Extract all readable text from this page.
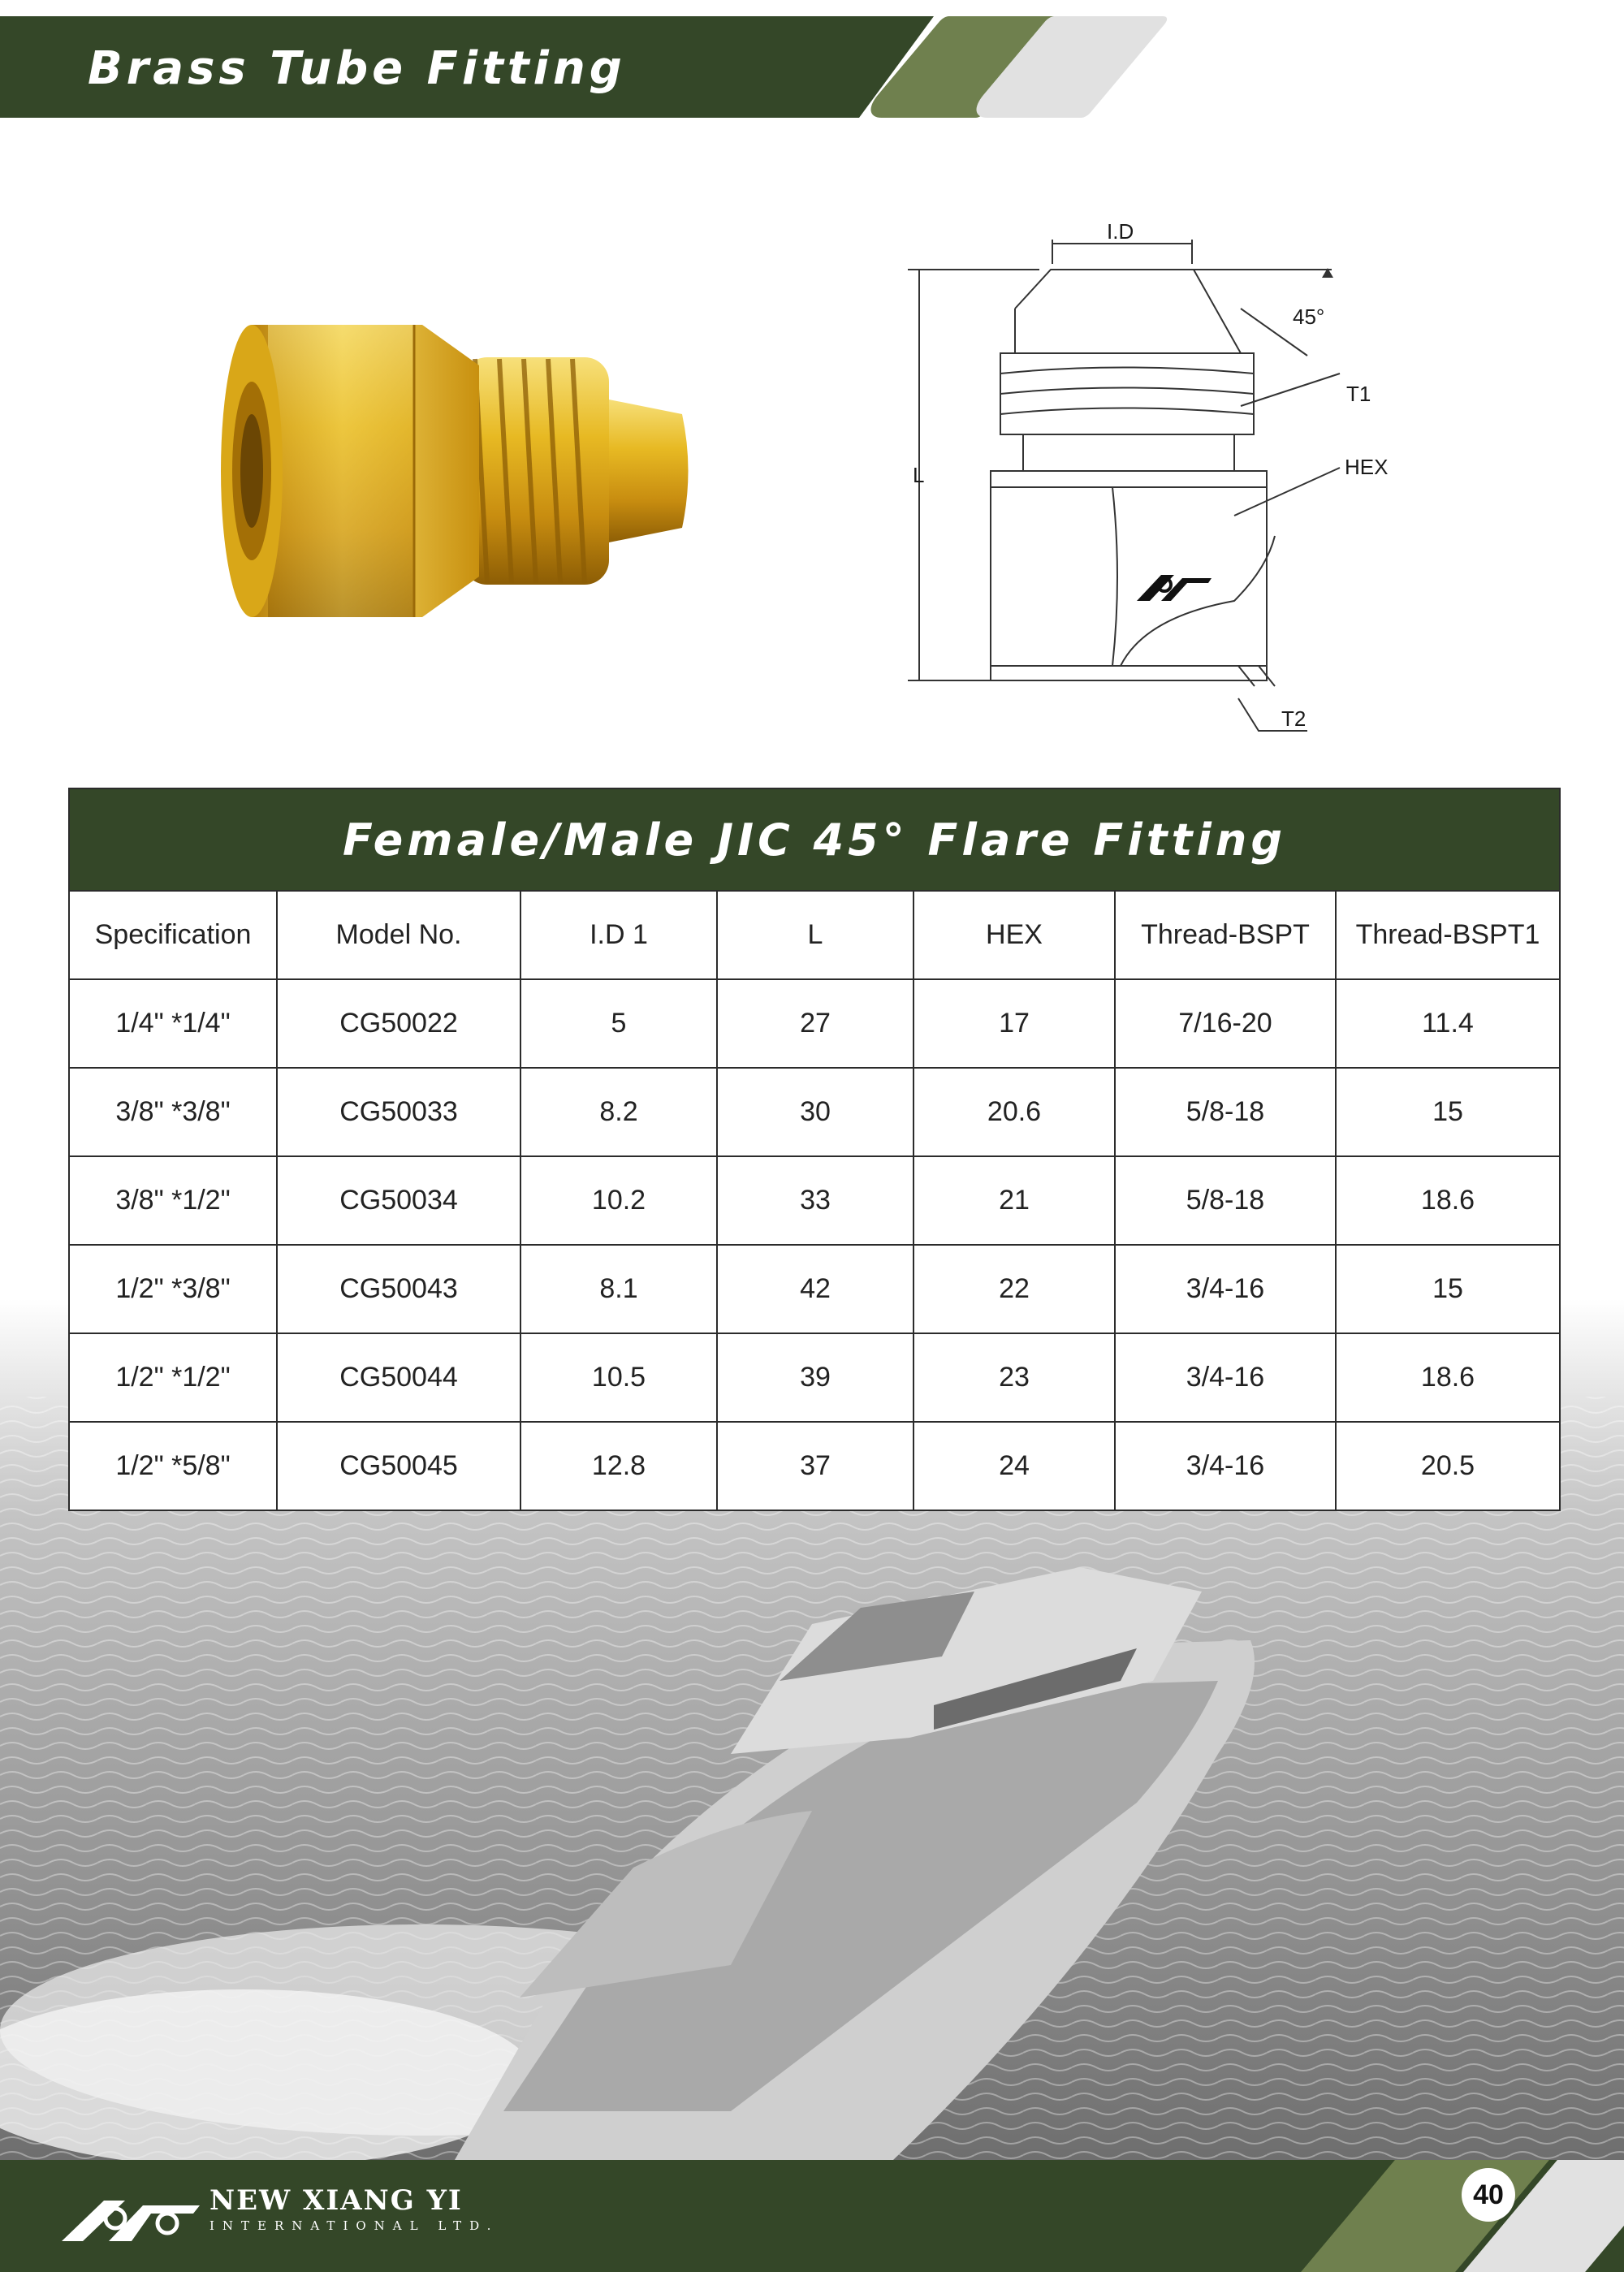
Brass Tube Fitting
I.D
45°
T1
HEX
L
T2
Female/Male JIC 45° Flare Fitting						
Specification	Model No.	I.D 1	L	HEX	Thread-BSPT	Thread-BSPT1
1/4" *1/4"	CG50022	5	27	17	7/16-20	11.4
3/8" *3/8"	CG50033	8.2	30	20.6	5/8-18	15
3/8" *1/2"	CG50034	10.2	33	21	5/8-18	18.6
1/2" *3/8"	CG50043	8.1	42	22	3/4-16	15
1/2" *1/2"	CG50044	10.5	39	23	3/4-16	18.6
1/2" *5/8"	CG50045	12.8	37	24	3/4-16	20.5
NEW XIANG YI
INTERNATIONAL LTD.
40
